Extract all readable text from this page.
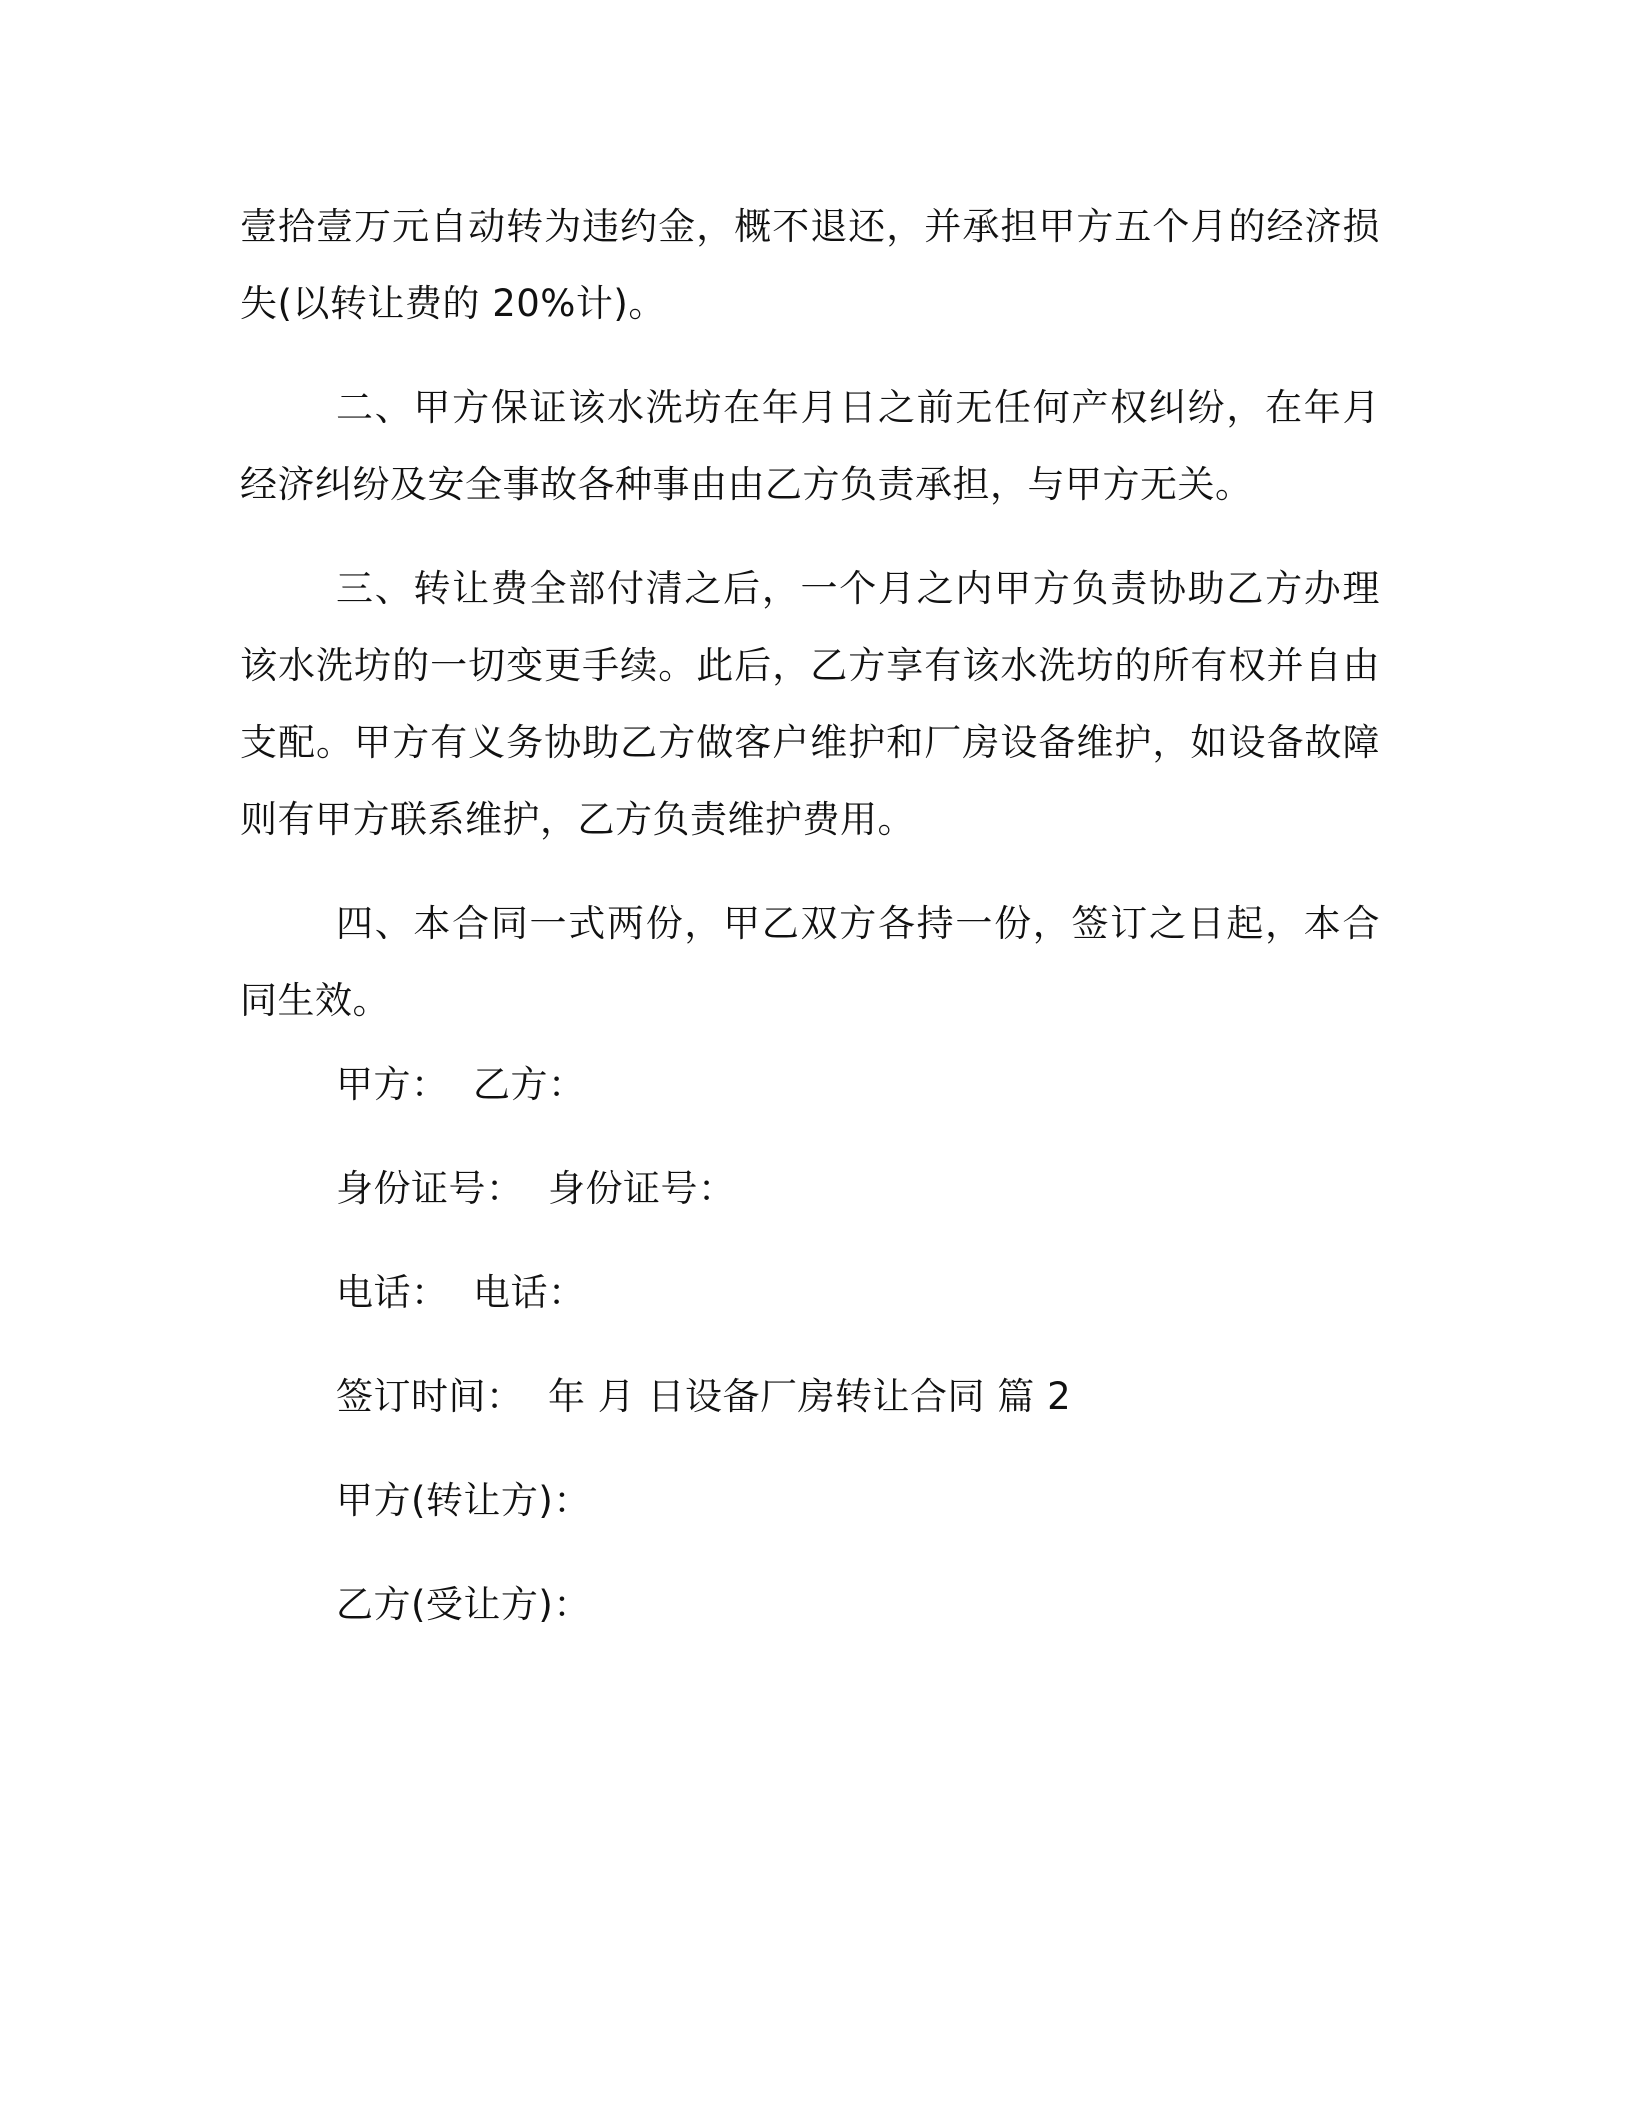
壹拾壹万元自动转为违约金，概不退还，并承担甲方五个月的经济损失(以转让费的 20%计)。

二、甲方保证该水洗坊在年月日之前无任何产权纠纷，在年月经济纠纷及安全事故各种事由由乙方负责承担，与甲方无关。

三、转让费全部付清之后，一个月之内甲方负责协助乙方办理该水洗坊的一切变更手续。此后，乙方享有该水洗坊的所有权并自由支配。甲方有义务协助乙方做客户维护和厂房设备维护，如设备故障则有甲方联系维护，乙方负责维护费用。

四、本合同一式两份，甲乙双方各持一份，签订之日起，本合同生效。

甲方：  乙方：

身份证号：  身份证号：

电话：  电话：

签订时间：  年 月 日设备厂房转让合同 篇 2

甲方(转让方)：

乙方(受让方)：
